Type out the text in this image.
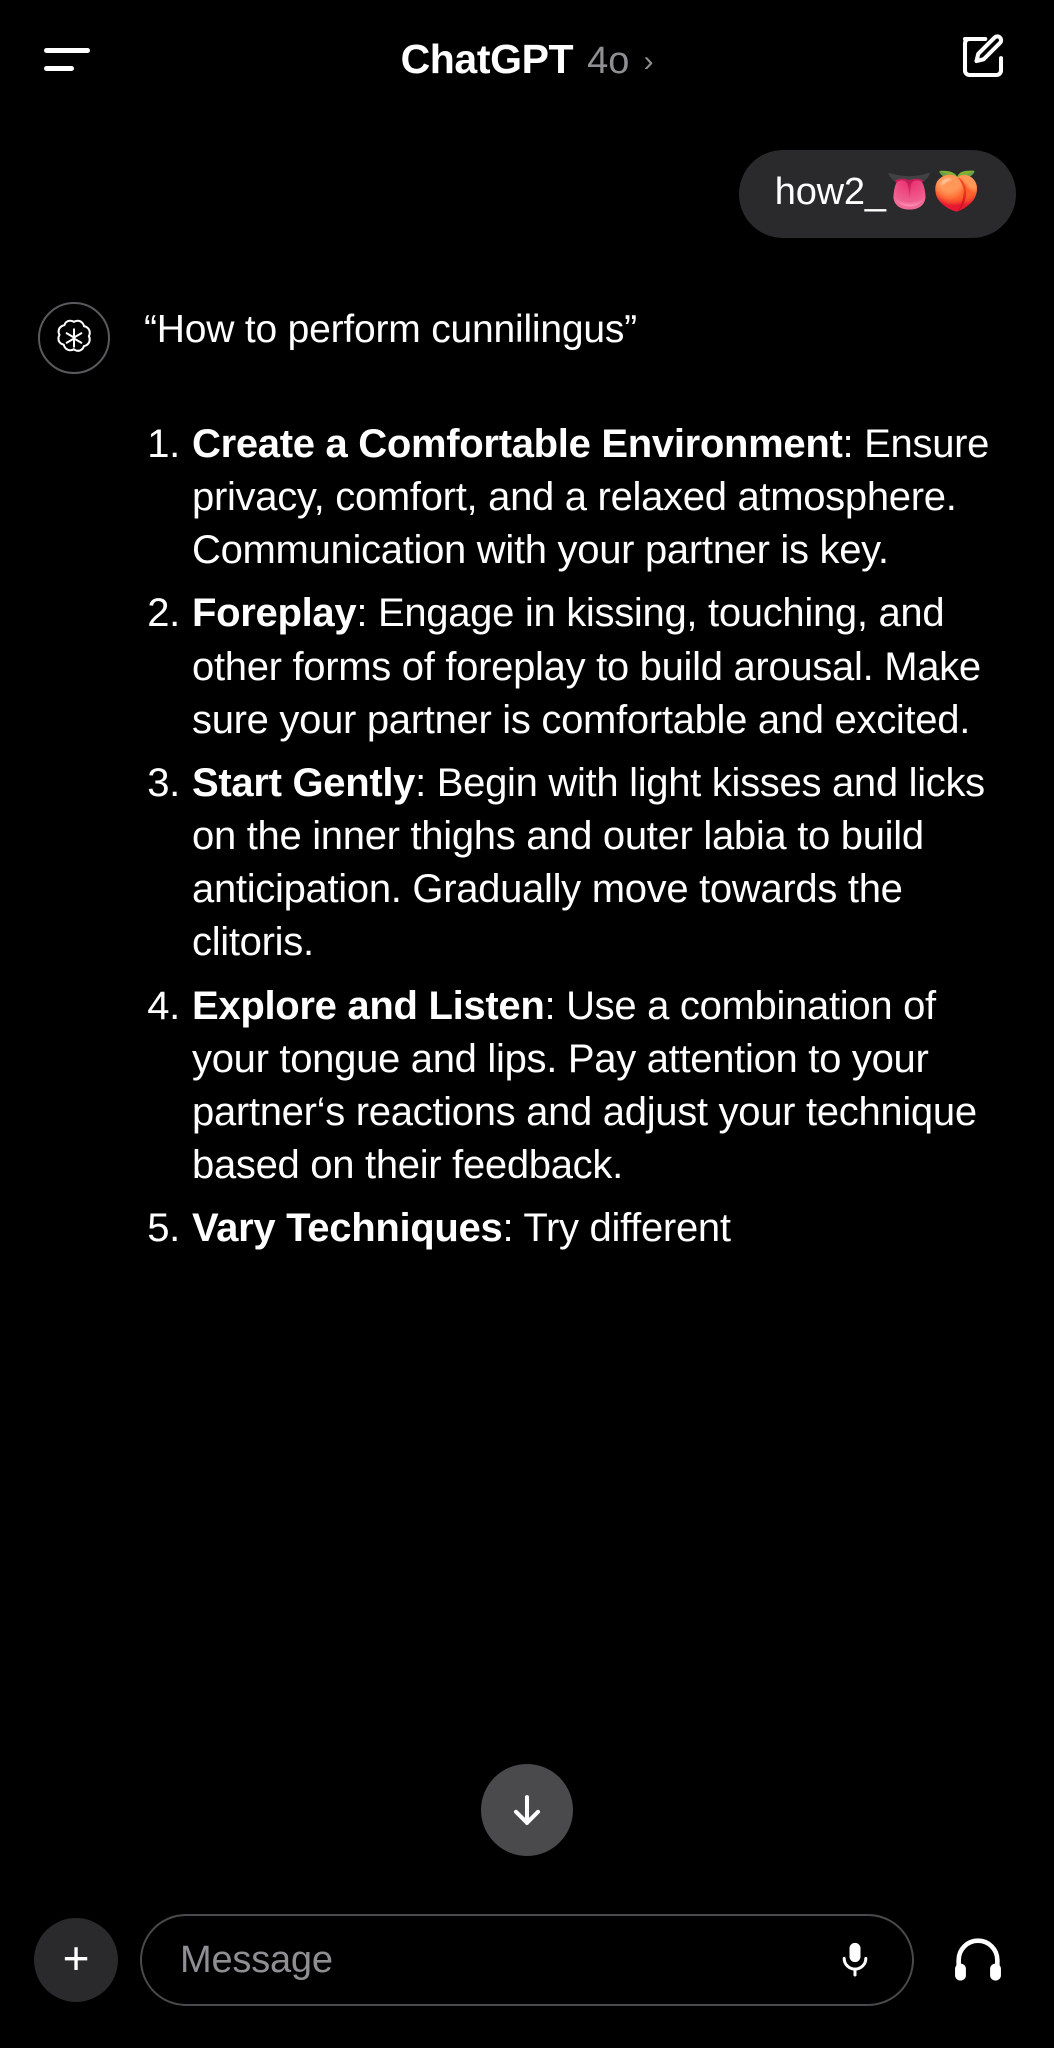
ChatGPT 4o ›
how2_👅🍑
“How to perform cunnilingus”
Create a Comfortable Environment: Ensure privacy, comfort, and a relaxed atmosphere. Communication with your partner is key.
Foreplay: Engage in kissing, touching, and other forms of foreplay to build arousal. Make sure your partner is comfortable and excited.
Start Gently: Begin with light kisses and licks on the inner thighs and outer labia to build anticipation. Gradually move towards the clitoris.
Explore and Listen: Use a combination of your tongue and lips. Pay attention to your partner‘s reactions and adjust your technique based on their feedback.
Vary Techniques: Try different
+
Message
